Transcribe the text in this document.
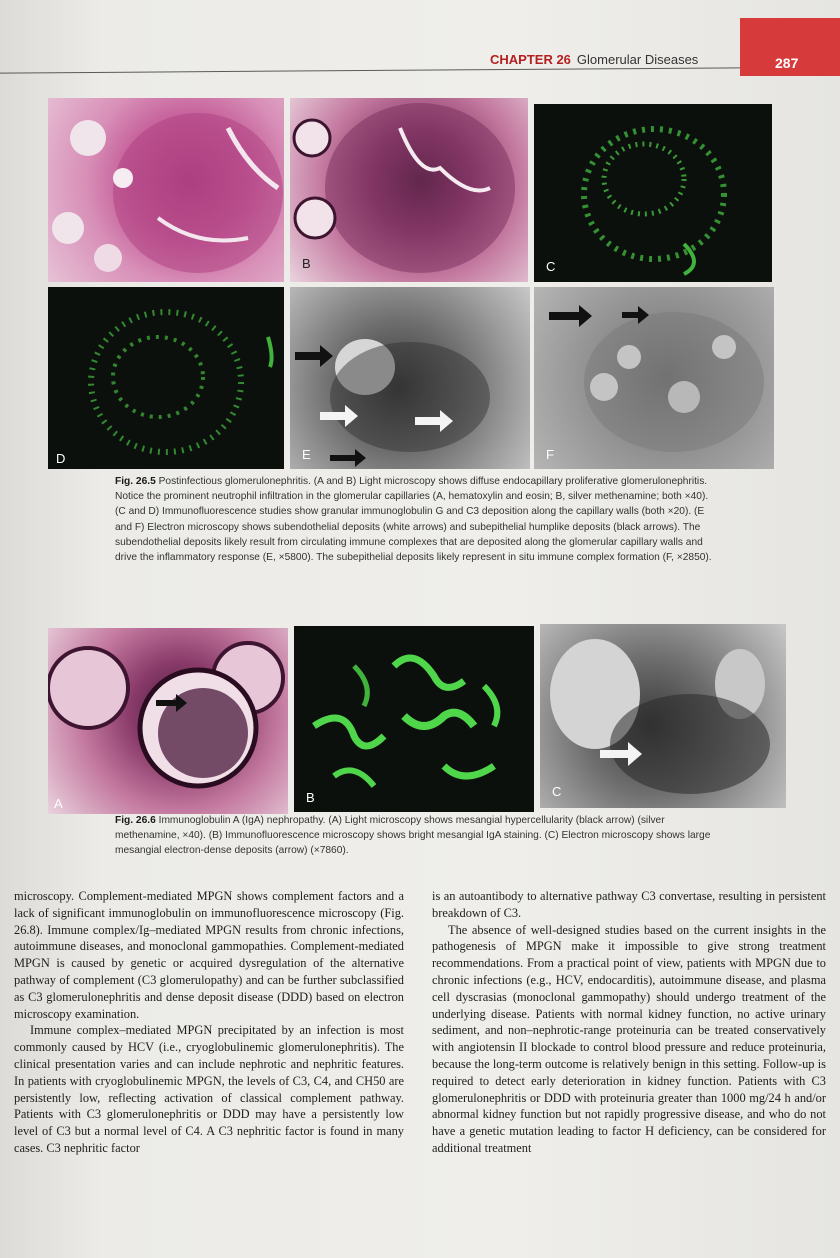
287
CHAPTER 26 Glomerular Diseases
B	C
D	E	F
Fig. 26.5 Postinfectious glomerulonephritis. (A and B) Light microscopy shows diffuse endocapillary proliferative glomerulonephritis. Notice the prominent neutrophil infiltration in the glomerular capillaries (A, hematoxylin and eosin; B, silver methenamine; both ×40). (C and D) Immunofluorescence studies show granular immunoglobulin G and C3 deposition along the capillary walls (both ×20). (E and F) Electron microscopy shows subendothelial deposits (white arrows) and subepithelial humplike deposits (black arrows). The subendothelial deposits likely result from circulating immune complexes that are deposited along the glomerular capillary walls and drive the inflammatory response (E, ×5800). The subepithelial deposits likely represent in situ immune complex formation (F, ×2850).
A	B	C
Fig. 26.6 Immunoglobulin A (IgA) nephropathy. (A) Light microscopy shows mesangial hypercellularity (black arrow) (silver methenamine, ×40). (B) Immunofluorescence microscopy shows bright mesangial IgA staining. (C) Electron microscopy shows large mesangial electron-dense deposits (arrow) (×7860).

microscopy. Complement-mediated MPGN shows complement factors and a lack of significant immunoglobulin on immunofluorescence microscopy (Fig. 26.8). Immune complex/Ig–mediated MPGN results from chronic infections, autoimmune diseases, and monoclonal gammopathies. Complement-mediated MPGN is caused by genetic or acquired dysregulation of the alternative pathway of complement (C3 glomerulopathy) and can be further subclassified as C3 glomerulonephritis and dense deposit disease (DDD) based on electron microscopy examination.

Immune complex–mediated MPGN precipitated by an infection is most commonly caused by HCV (i.e., cryoglobulinemic glomerulonephritis). The clinical presentation varies and can include nephrotic and nephritic features. In patients with cryoglobulinemic MPGN, the levels of C3, C4, and CH50 are persistently low, reflecting activation of classical complement pathway. Patients with C3 glomerulonephritis or DDD may have a persistently low level of C3 but a normal level of C4. A C3 nephritic factor is found in many cases. C3 nephritic factor

is an autoantibody to alternative pathway C3 convertase, resulting in persistent breakdown of C3.

The absence of well-designed studies based on the current insights in the pathogenesis of MPGN make it impossible to give strong treatment recommendations. From a practical point of view, patients with MPGN due to chronic infections (e.g., HCV, endocarditis), autoimmune disease, and plasma cell dyscrasias (monoclonal gammopathy) should undergo treatment of the underlying disease. Patients with normal kidney function, no active urinary sediment, and non–nephrotic-range proteinuria can be treated conservatively with angiotensin II blockade to control blood pressure and reduce proteinuria, because the long-term outcome is relatively benign in this setting. Follow-up is required to detect early deterioration in kidney function. Patients with C3 glomerulonephritis or DDD with proteinuria greater than 1000 mg/24 h and/or abnormal kidney function but not rapidly progressive disease, and who do not have a genetic mutation leading to factor H deficiency, can be considered for additional treatment
